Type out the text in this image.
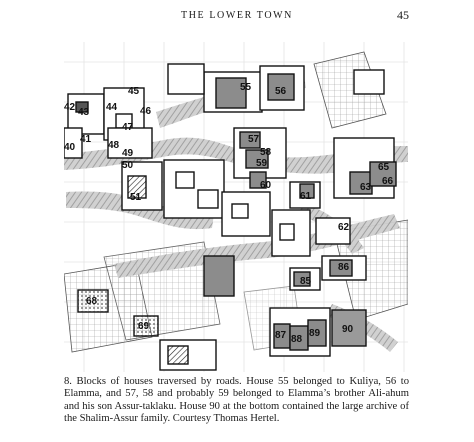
THE LOWER TOWN	45
43 44
45
46
47
48
49
50
51
55 56
57
58
59
60
61
62
63
65
66
68
69
85
86
87 88
89 90
40
41
42

8. Blocks of houses traversed by roads. House 55 belonged to Kuliya, 56 to Elamma, and 57, 58 and probably 59 belonged to Elamma’s brother Ali-ahum and his son Assur-taklaku. House 90 at the bottom contained the large archive of the Shalim-Assur family. Courtesy Thomas Hertel.
